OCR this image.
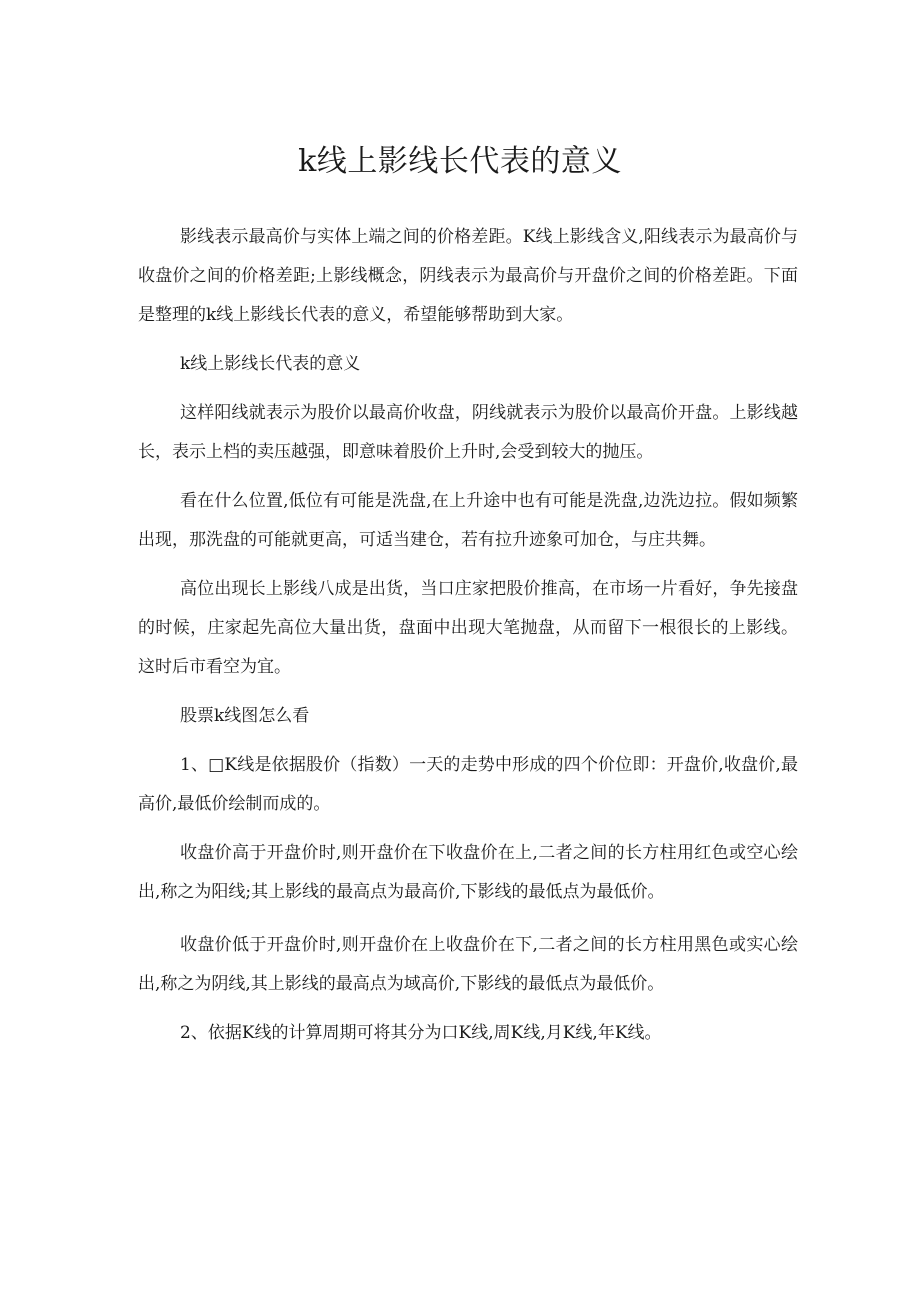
k线上影线长代表的意义

影线表示最高价与实体上端之间的价格差距。K线上影线含义,阳线表示为最高价与收盘价之间的价格差距;上影线概念，阴线表示为最高价与开盘价之间的价格差距。下面是整理的k线上影线长代表的意义，希望能够帮助到大家。

k线上影线长代表的意义

这样阳线就表示为股价以最高价收盘，阴线就表示为股价以最高价开盘。上影线越长，表示上档的卖压越强，即意味着股价上升时,会受到较大的抛压。

看在什么位置,低位有可能是洗盘,在上升途中也有可能是洗盘,边洗边拉。假如频繁出现，那洗盘的可能就更高，可适当建仓，若有拉升迹象可加仓，与庄共舞。

高位出现长上影线八成是出货，当口庄家把股价推高，在市场一片看好，争先接盘的时候，庄家起先高位大量出货，盘面中出现大笔抛盘，从而留下一根很长的上影线。这时后市看空为宜。

股票k线图怎么看

1、□K线是依据股价（指数）一天的走势中形成的四个价位即：开盘价,收盘价,最高价,最低价绘制而成的。

收盘价高于开盘价时,则开盘价在下收盘价在上,二者之间的长方柱用红色或空心绘出,称之为阳线;其上影线的最高点为最高价,下影线的最低点为最低价。

收盘价低于开盘价时,则开盘价在上收盘价在下,二者之间的长方柱用黑色或实心绘出,称之为阴线,其上影线的最高点为域高价,下影线的最低点为最低价。

2、依据K线的计算周期可将其分为口K线,周K线,月K线,年K线。
